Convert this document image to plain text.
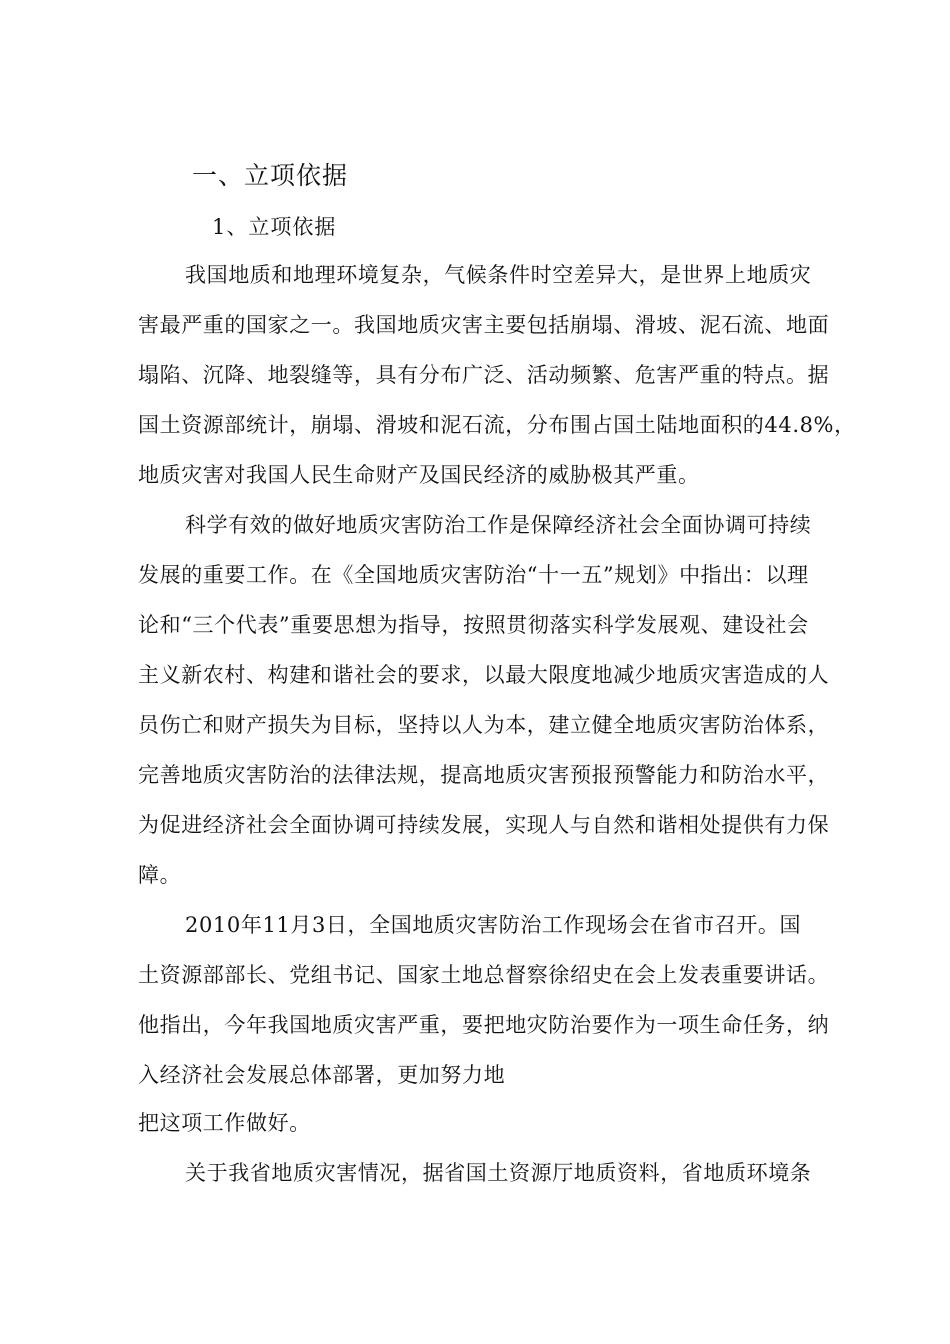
一、立项依据
1、立项依据
我国地质和地理环境复杂，气候条件时空差异大，是世界上地质灾
害最严重的国家之一。我国地质灾害主要包括崩塌、滑坡、泥石流、地面
塌陷、沉降、地裂缝等，具有分布广泛、活动频繁、危害严重的特点。据
国土资源部统计，崩塌、滑坡和泥石流，分布围占国土陆地面积的44.8%，
地质灾害对我国人民生命财产及国民经济的威胁极其严重。
科学有效的做好地质灾害防治工作是保障经济社会全面协调可持续
发展的重要工作。在《全国地质灾害防治“十一五”规划》中指出：以理
论和“三个代表”重要思想为指导，按照贯彻落实科学发展观、建设社会
主义新农村、构建和谐社会的要求，以最大限度地减少地质灾害造成的人
员伤亡和财产损失为目标，坚持以人为本，建立健全地质灾害防治体系，
完善地质灾害防治的法律法规，提高地质灾害预报预警能力和防治水平，
为促进经济社会全面协调可持续发展，实现人与自然和谐相处提供有力保
障。
2010年11月3日，全国地质灾害防治工作现场会在省市召开。国
土资源部部长、党组书记、国家土地总督察徐绍史在会上发表重要讲话。
他指出，今年我国地质灾害严重，要把地灾防治要作为一项生命任务，纳
入经济社会发展总体部署，更加努力地
把这项工作做好。
关于我省地质灾害情况，据省国土资源厅地质资料，省地质环境条
